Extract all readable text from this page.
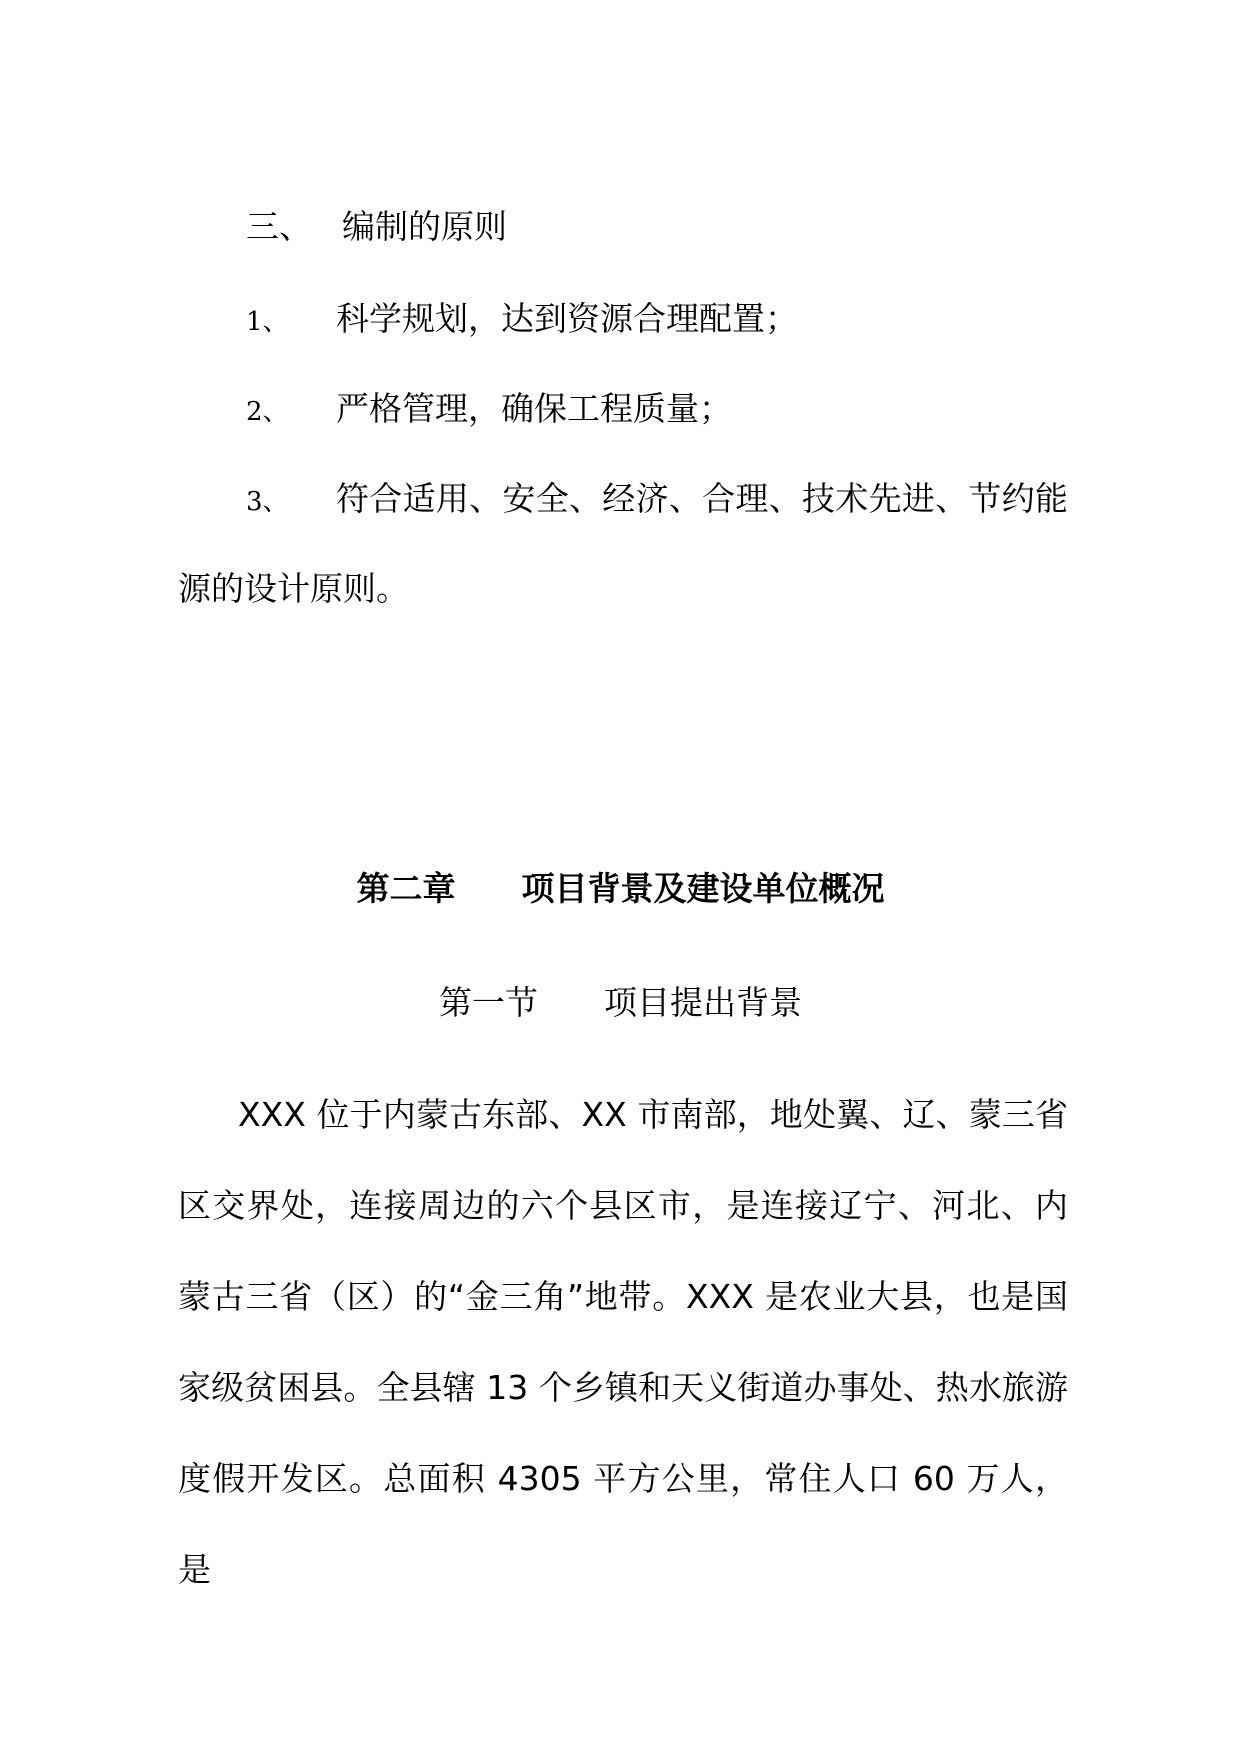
三、 编制的原则
1、 科学规划，达到资源合理配置；
2、 严格管理，确保工程质量；
3、 符合适用、安全、经济、合理、技术先进、节约能
源的设计原则。
第二章 项目背景及建设单位概况
第一节 项目提出背景
XXX 位于内蒙古东部、XX 市南部，地处翼、辽、蒙三省区交界处，连接周边的六个县区市，是连接辽宁、河北、内蒙古三省（区）的“金三角”地带。XXX 是农业大县，也是国家级贫困县。全县辖 13 个乡镇和天义街道办事处、热水旅游度假开发区。总面积 4305 平方公里，常住人口 60 万人，是
